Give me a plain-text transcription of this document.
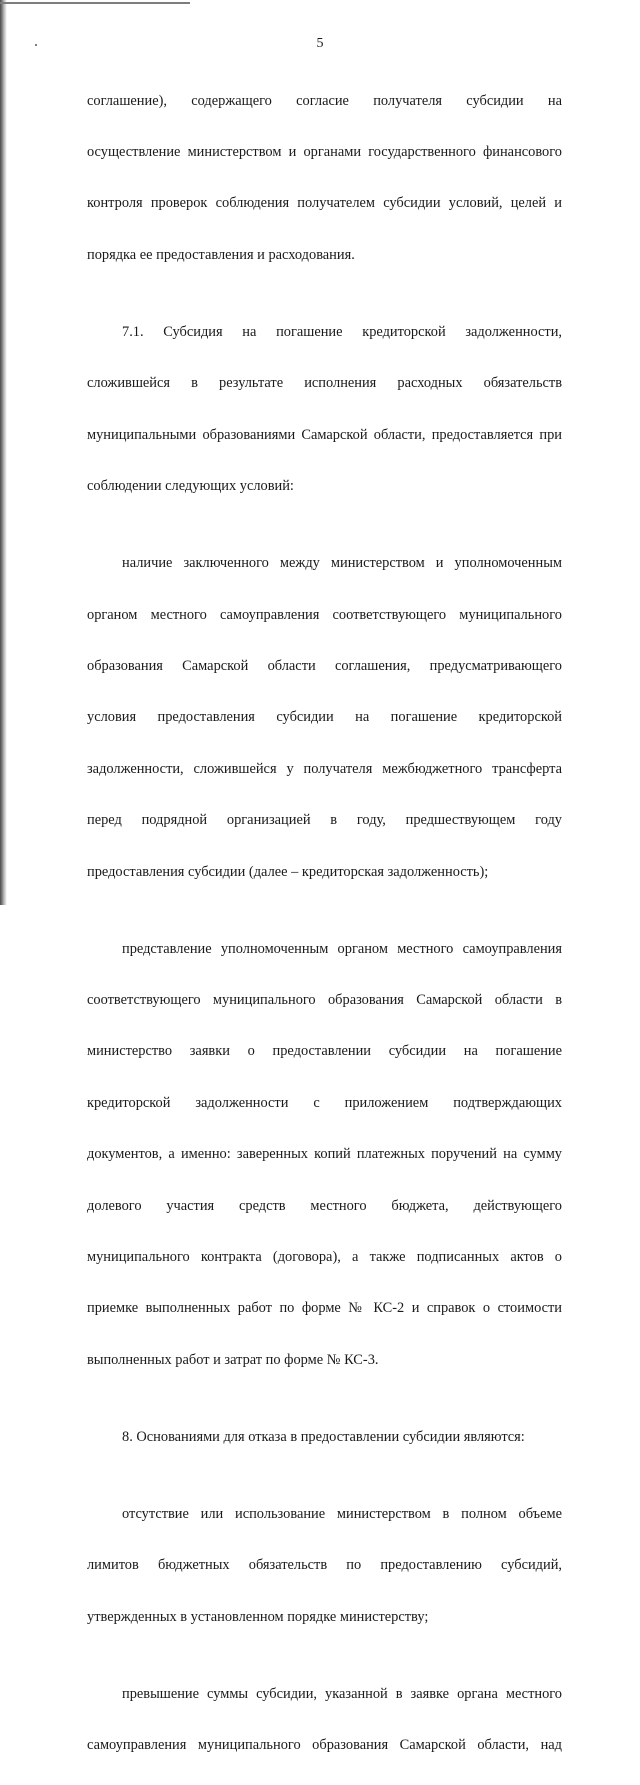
5

соглашение), содержащего согласие получателя субсидии на

осуществление министерством и органами государственного финансового

контроля проверок соблюдения получателем субсидии условий, целей и

порядка ее предоставления и расходования.

7.1. Субсидия на погашение кредиторской задолженности,

сложившейся в результате исполнения расходных обязательств

муниципальными образованиями Самарской области, предоставляется при

соблюдении следующих условий:

наличие заключенного между министерством и уполномоченным

органом местного самоуправления соответствующего муниципального

образования Самарской области соглашения, предусматривающего

условия предоставления субсидии на погашение кредиторской

задолженности, сложившейся у получателя межбюджетного трансферта

перед подрядной организацией в году, предшествующем году

предоставления субсидии (далее – кредиторская задолженность);

представление уполномоченным органом местного самоуправления

соответствующего муниципального образования Самарской области в

министерство заявки о предоставлении субсидии на погашение

кредиторской задолженности с приложением подтверждающих

документов, а именно: заверенных копий платежных поручений на сумму

долевого участия средств местного бюджета, действующего

муниципального контракта (договора), а также подписанных актов о

приемке выполненных работ по форме № КС-2 и справок о стоимости

выполненных работ и затрат по форме № КС-3.

8. Основаниями для отказа в предоставлении субсидии являются:

отсутствие или использование министерством в полном объеме

лимитов бюджетных обязательств по предоставлению субсидий,

утвержденных в установленном порядке министерству;

превышение суммы субсидии, указанной в заявке органа местного

самоуправления муниципального образования Самарской области, над
